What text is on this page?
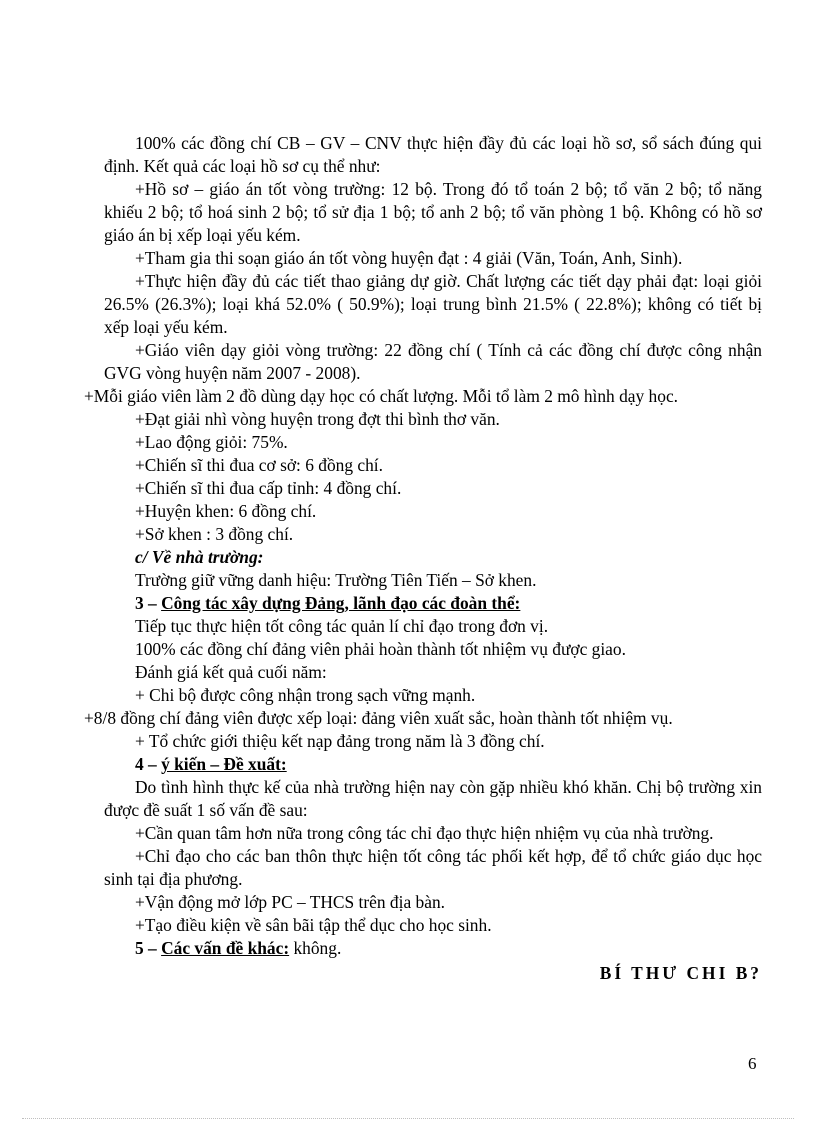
100% các đồng chí CB – GV – CNV thực hiện đầy đủ các loại hồ sơ, sổ sách đúng qui định. Kết quả các loại hồ sơ cụ thể như:

+Hồ sơ – giáo án tốt vòng trường: 12 bộ. Trong đó tổ toán 2 bộ; tổ văn 2 bộ; tổ năng khiếu 2 bộ; tổ hoá sinh 2 bộ; tổ sử địa 1 bộ; tổ anh 2 bộ; tổ văn phòng 1 bộ. Không có hồ sơ giáo án bị xếp loại yếu kém.

+Tham gia thi soạn giáo án tốt vòng huyện đạt : 4 giải (Văn, Toán, Anh, Sinh).

+Thực hiện đầy đủ các tiết thao giảng dự giờ. Chất lượng các tiết dạy phải đạt: loại giỏi 26.5% (26.3%); loại khá 52.0% ( 50.9%); loại trung bình 21.5% ( 22.8%); không có tiết bị xếp loại yếu kém.

+Giáo viên dạy giỏi vòng trường: 22 đồng chí ( Tính cả các đồng chí được công nhận GVG vòng huyện năm 2007 - 2008).

+Mỗi giáo viên làm 2 đồ dùng dạy học có chất lượng. Mỗi tổ làm 2 mô hình dạy học.

+Đạt giải nhì vòng huyện trong đợt thi bình thơ văn.

+Lao động giỏi: 75%.

+Chiến sĩ thi đua cơ sở: 6 đồng chí.

+Chiến sĩ thi đua cấp tỉnh: 4 đồng chí.

+Huyện khen: 6 đồng chí.

+Sở khen : 3 đồng chí.

c/ Về nhà trường:

Trường giữ vững danh hiệu: Trường Tiên Tiến – Sở khen.

3 – Công tác xây dựng Đảng, lãnh đạo các đoàn thể:

Tiếp tục thực hiện tốt công tác quản lí chỉ đạo trong đơn vị.

100% các đồng chí đảng viên phải hoàn thành tốt nhiệm vụ được giao.

Đánh giá kết quả cuối năm:

+ Chi bộ được công nhận trong sạch vững mạnh.

+8/8 đồng chí đảng viên được xếp loại: đảng viên xuất sắc, hoàn thành tốt nhiệm vụ.

+ Tổ chức giới thiệu kết nạp đảng trong năm là 3 đồng chí.

4 – ý kiến – Đề xuất:

Do tình hình thực kế của nhà trường hiện nay còn gặp nhiều khó khăn. Chị bộ trường xin được đề suất 1 số vấn đề sau:

+Cần quan tâm hơn nữa trong công tác chỉ đạo thực hiện nhiệm vụ của nhà trường.

+Chỉ đạo cho các ban thôn thực hiện tốt công tác phối kết hợp, để tổ chức giáo dục học sinh tại địa phương.

+Vận động mở lớp PC – THCS trên địa bàn.

+Tạo điều kiện về sân bãi tập thể dục cho học sinh.

5 – Các vấn đề khác: không.

BÍ THƯ CHI B?

6
